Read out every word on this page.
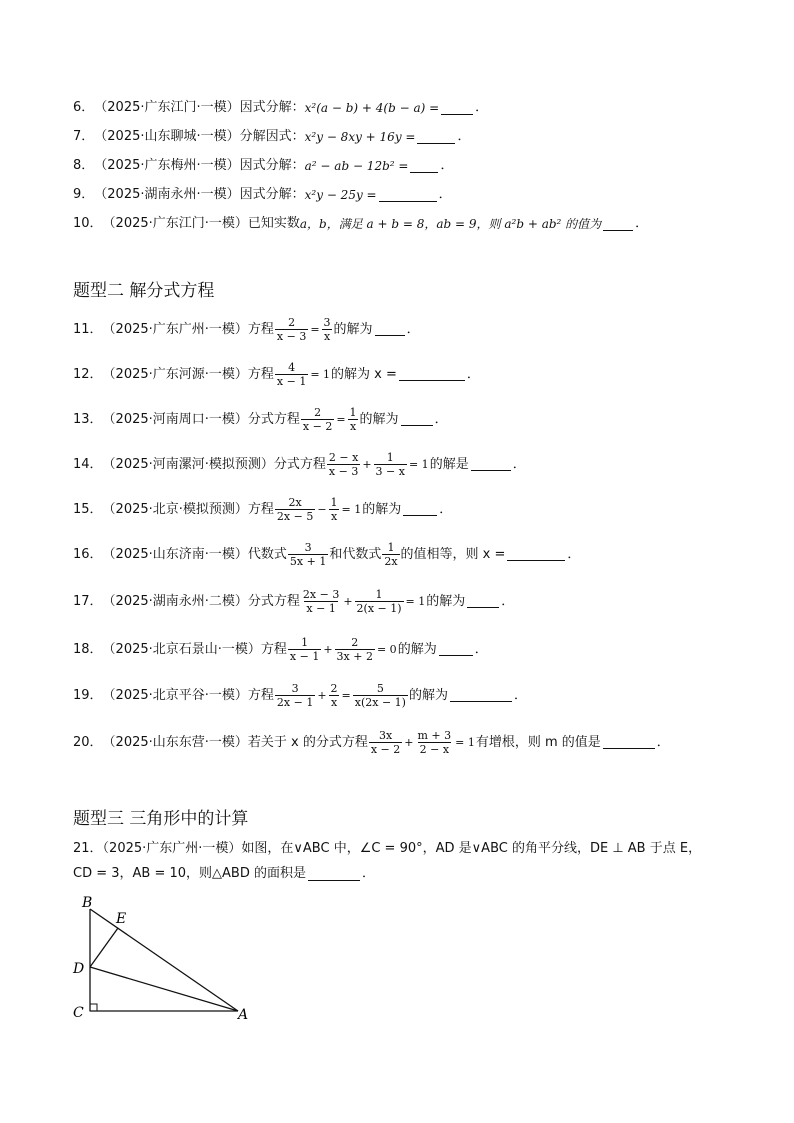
6． （2025·广东江门·一模）因式分解： x²(a − b) + 4(b − a) =	．
7． （2025·山东聊城·一模）分解因式： x²y − 8xy + 16y =	．
8． （2025·广东梅州·一模）因式分解： a² − ab − 12b² = ．
9． （2025·湖南永州·一模）因式分解： x²y − 25y =	．
10． （2025·广东江门·一模）已知实数 a，b，满足 a + b = 8，ab = 9，则 a²b + ab² 的值为	．
题型二 解分式方程
11． （2025·广东广州·一模）方程 $\frac{2}{x - 3} = \frac{3}{x}$ 的解为	．
12． （2025·广东河源·一模）方程 $\frac{4}{x - 1} = 1$ 的解为 x =	．
13． （2025·河南周口·一模）分式方程 $\frac{2}{x - 2} = \frac{1}{x}$ 的解为	．
14． （2025·河南漯河·模拟预测）分式方程 $\frac{2 - x}{x - 3} + \frac{1}{3 - x} = 1$ 的解是	．
15． （2025·北京·模拟预测）方程 $\frac{2x}{2x - 5} - \frac{1}{x} = 1$ 的解为	．
16． （2025·山东济南·一模）代数式 $\frac{3}{5x + 1}$ 和代数式 $\frac{1}{2x}$ 的值相等，则 x =	．
17． （2025·湖南永州·二模）分式方程 $\frac{2x - 3}{x - 1} + \frac{1}{2(x - 1)} = 1$ 的解为	．
18． （2025·北京石景山·一模）方程 $\frac{1}{x - 1} + \frac{2}{3x + 2} = 0$ 的解为	．
19． （2025·北京平谷·一模）方程 $\frac{3}{2x - 1} + \frac{2}{x} = \frac{5}{x(2x - 1)}$ 的解为	．
20． （2025·山东东营·一模）若关于 x 的分式方程 $\frac{3x}{x - 2} + \frac{m + 3}{2 - x} = 1$ 有增根，则 m 的值是	．
题型三 三角形中的计算
21．（2025·广东广州·一模）如图，在∨ABC 中，∠C = 90°，AD 是∨ABC 的角平分线，DE ⊥ AB 于点 E，
CD = 3，AB = 10，则△ABD 的面积是	．
B
E
D
C	A
